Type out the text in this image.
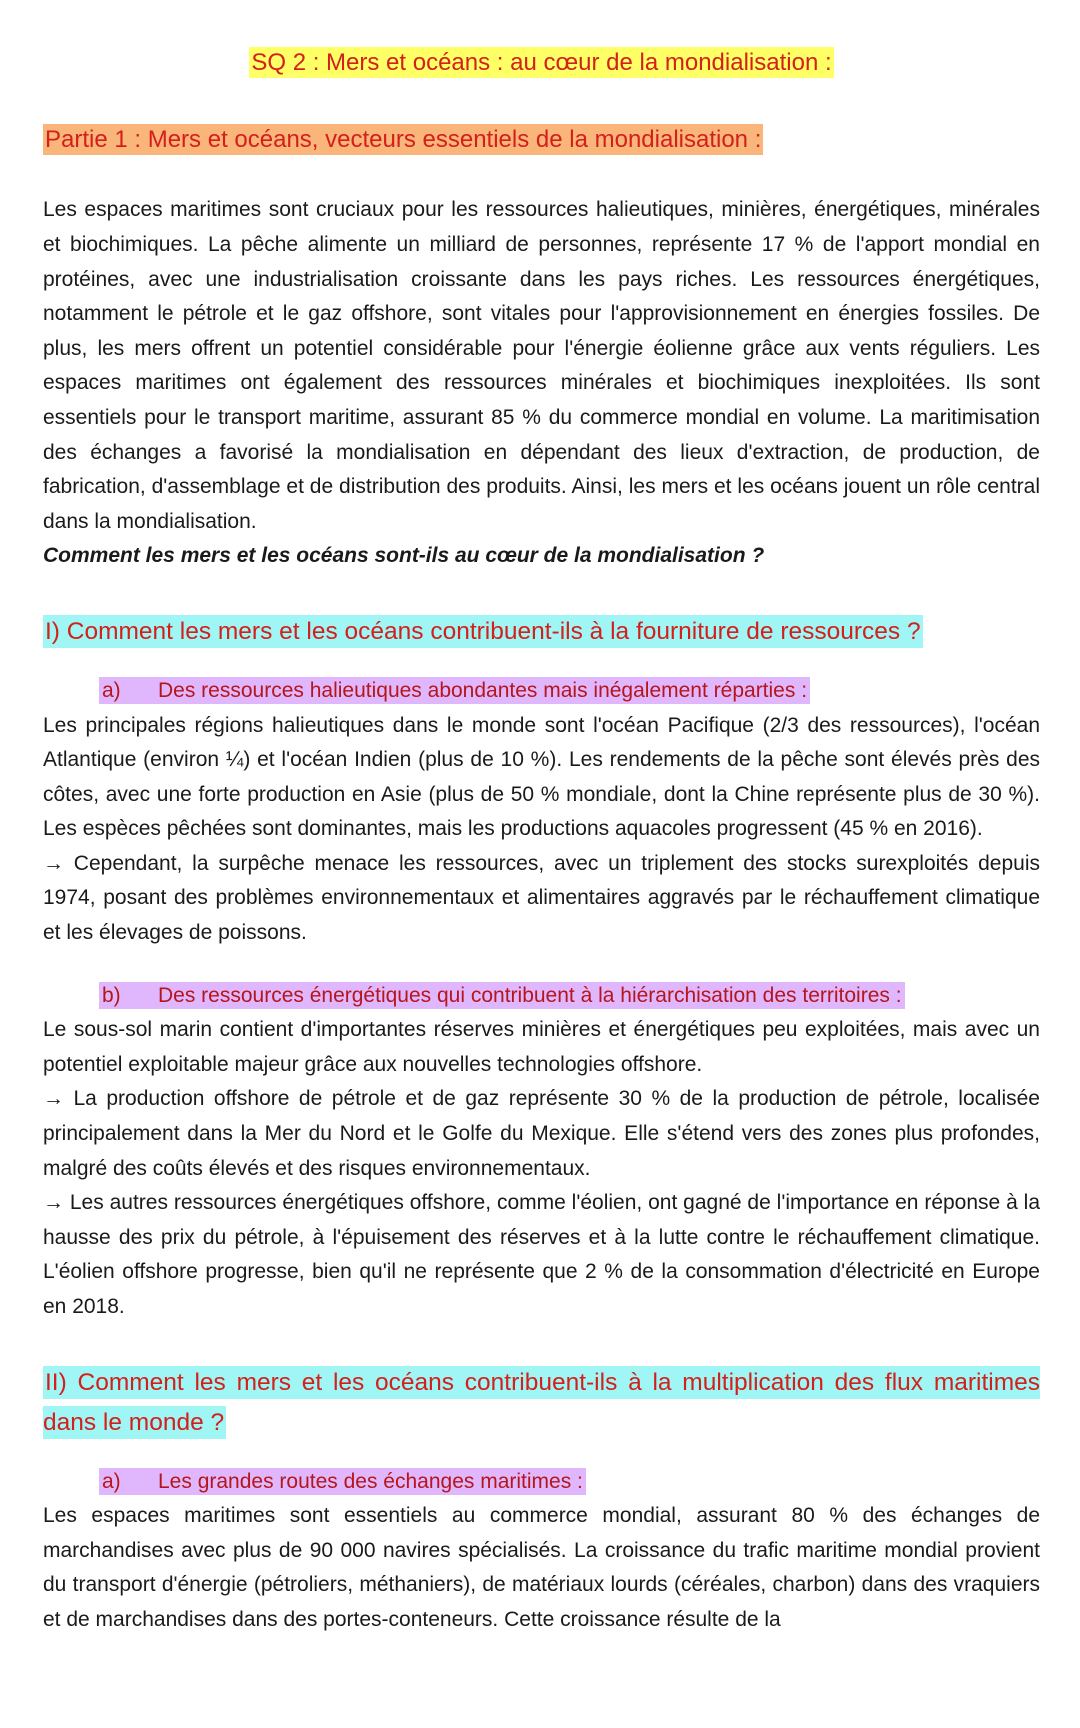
SQ 2 : Mers et océans : au cœur de la mondialisation :
Partie 1 : Mers et océans, vecteurs essentiels de la mondialisation :

Les espaces maritimes sont cruciaux pour les ressources halieutiques, minières, énergétiques, minérales et biochimiques. La pêche alimente un milliard de personnes, représente 17 % de l'apport mondial en protéines, avec une industrialisation croissante dans les pays riches. Les ressources énergétiques, notamment le pétrole et le gaz offshore, sont vitales pour l'approvisionnement en énergies fossiles. De plus, les mers offrent un potentiel considérable pour l'énergie éolienne grâce aux vents réguliers. Les espaces maritimes ont également des ressources minérales et biochimiques inexploitées. Ils sont essentiels pour le transport maritime, assurant 85 % du commerce mondial en volume. La maritimisation des échanges a favorisé la mondialisation en dépendant des lieux d'extraction, de production, de fabrication, d'assemblage et de distribution des produits. Ainsi, les mers et les océans jouent un rôle central dans la mondialisation.

Comment les mers et les océans sont-ils au cœur de la mondialisation ?

I) Comment les mers et les océans contribuent-ils à la fourniture de ressources ?
a) Des ressources halieutiques abondantes mais inégalement réparties :

Les principales régions halieutiques dans le monde sont l'océan Pacifique (2/3 des ressources), l'océan Atlantique (environ ¼) et l'océan Indien (plus de 10 %). Les rendements de la pêche sont élevés près des côtes, avec une forte production en Asie (plus de 50 % mondiale, dont la Chine représente plus de 30 %). Les espèces pêchées sont dominantes, mais les productions aquacoles progressent (45 % en 2016).

→ Cependant, la surpêche menace les ressources, avec un triplement des stocks surexploités depuis 1974, posant des problèmes environnementaux et alimentaires aggravés par le réchauffement climatique et les élevages de poissons.

b) Des ressources énergétiques qui contribuent à la hiérarchisation des territoires :

Le sous-sol marin contient d'importantes réserves minières et énergétiques peu exploitées, mais avec un potentiel exploitable majeur grâce aux nouvelles technologies offshore.

→ La production offshore de pétrole et de gaz représente 30 % de la production de pétrole, localisée principalement dans la Mer du Nord et le Golfe du Mexique. Elle s'étend vers des zones plus profondes, malgré des coûts élevés et des risques environnementaux.

→ Les autres ressources énergétiques offshore, comme l'éolien, ont gagné de l'importance en réponse à la hausse des prix du pétrole, à l'épuisement des réserves et à la lutte contre le réchauffement climatique. L'éolien offshore progresse, bien qu'il ne représente que 2 % de la consommation d'électricité en Europe en 2018.

II) Comment les mers et les océans contribuent-ils à la multiplication des flux maritimes dans le monde ?
a) Les grandes routes des échanges maritimes :

Les espaces maritimes sont essentiels au commerce mondial, assurant 80 % des échanges de marchandises avec plus de 90 000 navires spécialisés. La croissance du trafic maritime mondial provient du transport d'énergie (pétroliers, méthaniers), de matériaux lourds (céréales, charbon) dans des vraquiers et de marchandises dans des portes-conteneurs. Cette croissance résulte de la
